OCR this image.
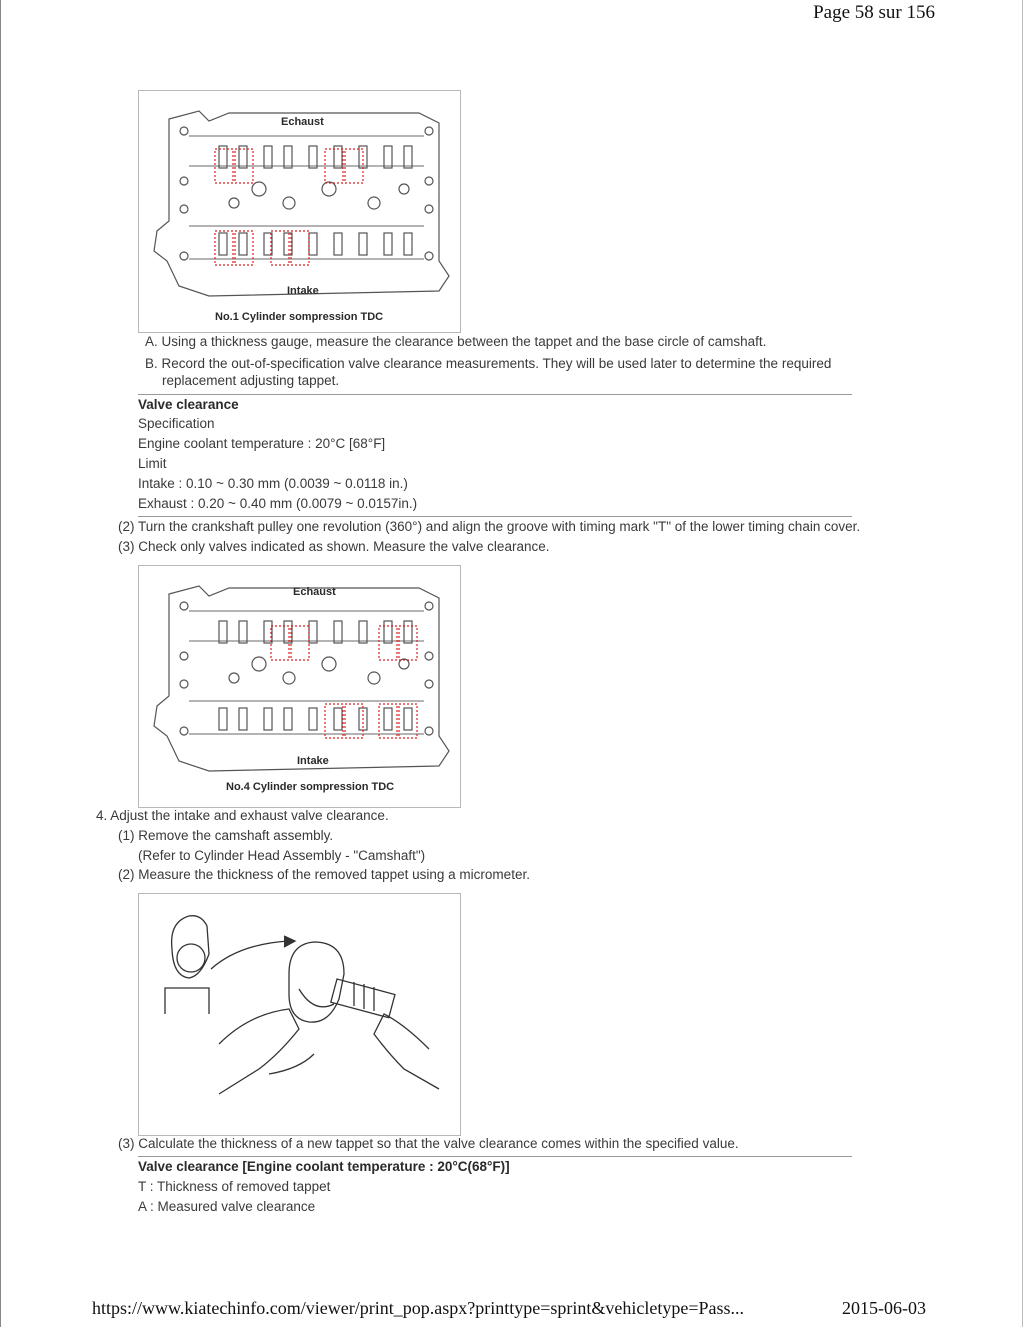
Page 58 sur 156
Echaust
Intake
No.1 Cylinder sompression TDC
A. Using a thickness gauge, measure the clearance between the tappet and the base circle of camshaft.
B. Record the out-of-specification valve clearance measurements. They will be used later to determine the required
replacement adjusting tappet.
Valve clearance
Specification
Engine coolant temperature : 20°C [68°F]
Limit
Intake : 0.10 ~ 0.30 mm (0.0039 ~ 0.0118 in.)
Exhaust : 0.20 ~ 0.40 mm (0.0079 ~ 0.0157in.)
(2) Turn the crankshaft pulley one revolution (360°) and align the groove with timing mark "T" of the lower timing chain cover.
(3) Check only valves indicated as shown. Measure the valve clearance.
Echaust
Intake
No.4 Cylinder sompression TDC
4. Adjust the intake and exhaust valve clearance.
(1) Remove the camshaft assembly.
(Refer to Cylinder Head Assembly - "Camshaft")
(2) Measure the thickness of the removed tappet using a micrometer.
(3) Calculate the thickness of a new tappet so that the valve clearance comes within the specified value.
Valve clearance [Engine coolant temperature : 20°C(68°F)]
T : Thickness of removed tappet
A : Measured valve clearance
https://www.kiatechinfo.com/viewer/print_pop.aspx?printtype=sprint&vehicletype=Pass...	2015-06-03
